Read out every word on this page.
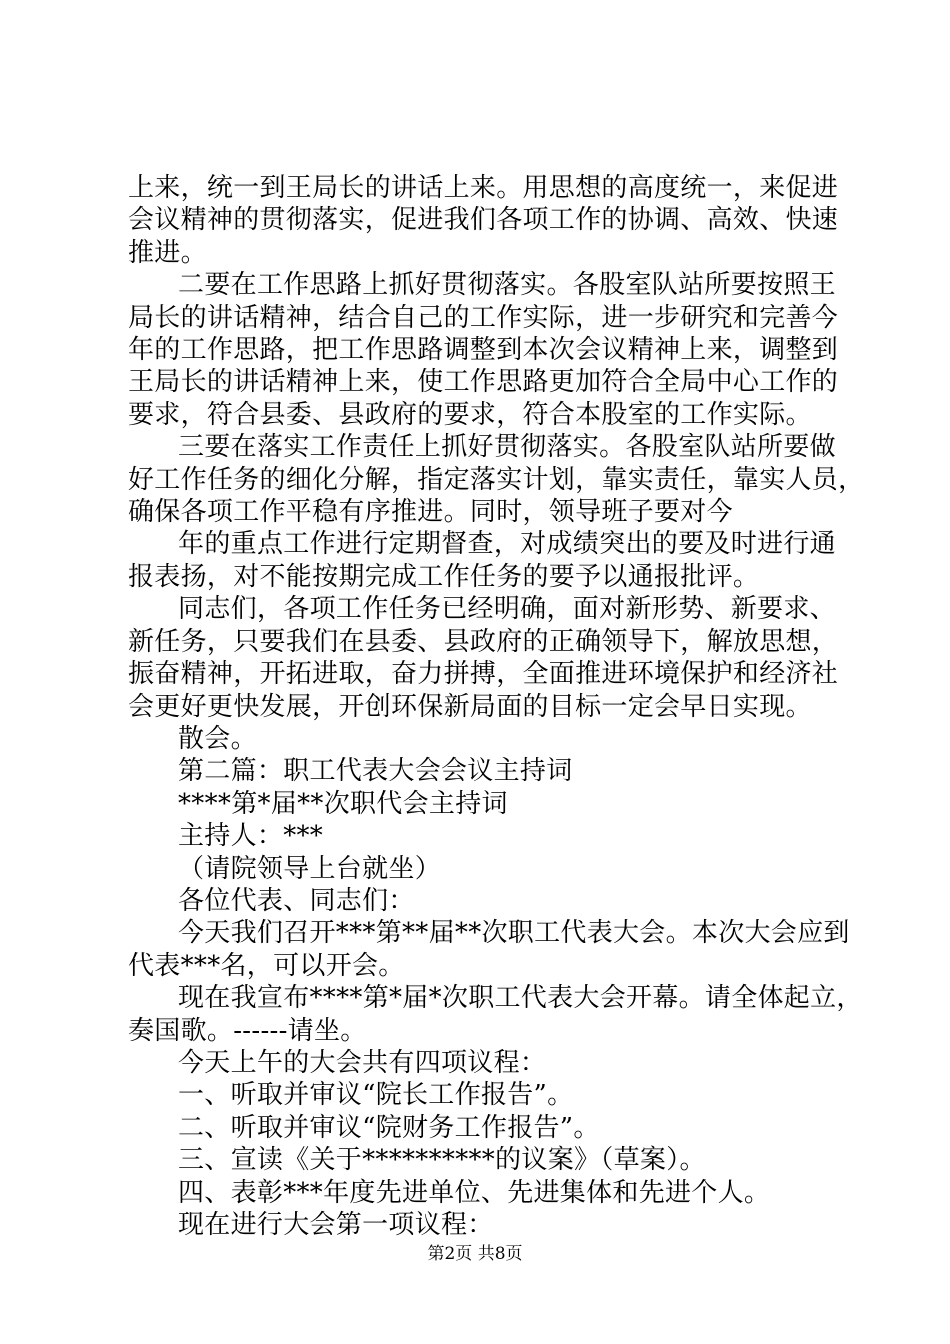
上来，统一到王局长的讲话上来。用思想的高度统一，来促进

会议精神的贯彻落实，促进我们各项工作的协调、高效、快速

推进。

二要在工作思路上抓好贯彻落实。各股室队站所要按照王

局长的讲话精神，结合自己的工作实际，进一步研究和完善今

年的工作思路，把工作思路调整到本次会议精神上来，调整到

王局长的讲话精神上来，使工作思路更加符合全局中心工作的

要求，符合县委、县政府的要求，符合本股室的工作实际。

三要在落实工作责任上抓好贯彻落实。各股室队站所要做

好工作任务的细化分解，指定落实计划，靠实责任，靠实人员，

确保各项工作平稳有序推进。同时，领导班子要对今

年的重点工作进行定期督查，对成绩突出的要及时进行通

报表扬，对不能按期完成工作任务的要予以通报批评。

同志们，各项工作任务已经明确，面对新形势、新要求、

新任务，只要我们在县委、县政府的正确领导下，解放思想，

振奋精神，开拓进取，奋力拼搏，全面推进环境保护和经济社

会更好更快发展，开创环保新局面的目标一定会早日实现。

散会。

第二篇：职工代表大会会议主持词

****第*届**次职代会主持词

主持人：***

（请院领导上台就坐）

各位代表、同志们：

今天我们召开***第**届**次职工代表大会。本次大会应到

代表***名，可以开会。

现在我宣布****第*届*次职工代表大会开幕。请全体起立，

奏国歌。------请坐。

今天上午的大会共有四项议程：

一、听取并审议“院长工作报告”。

二、听取并审议“院财务工作报告”。

三、宣读《关于**********的议案》（草案）。

四、表彰***年度先进单位、先进集体和先进个人。

现在进行大会第一项议程：

第2页 共8页
